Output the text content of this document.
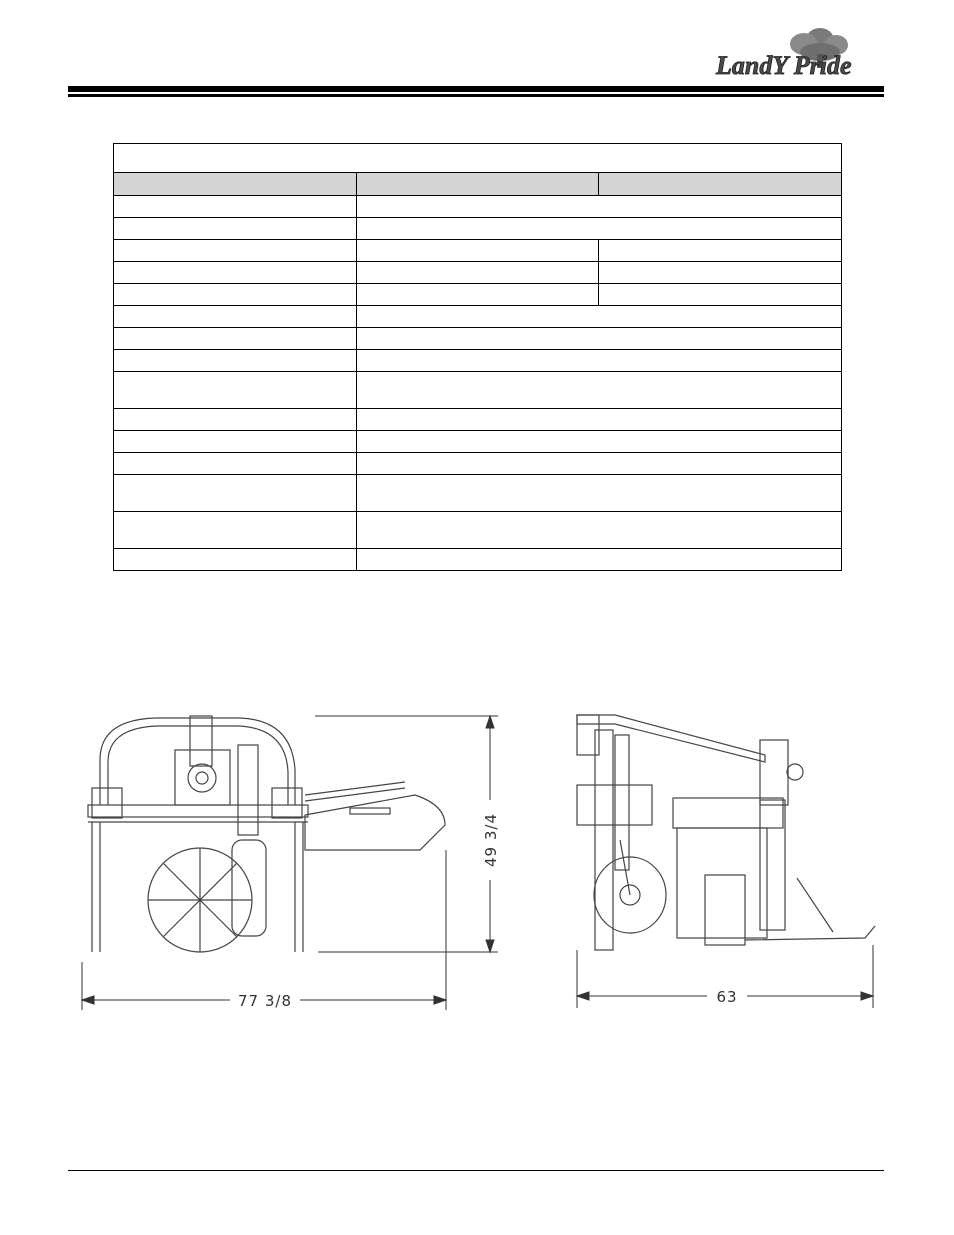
LandY Pride

77 3/8
49 3/4
63
